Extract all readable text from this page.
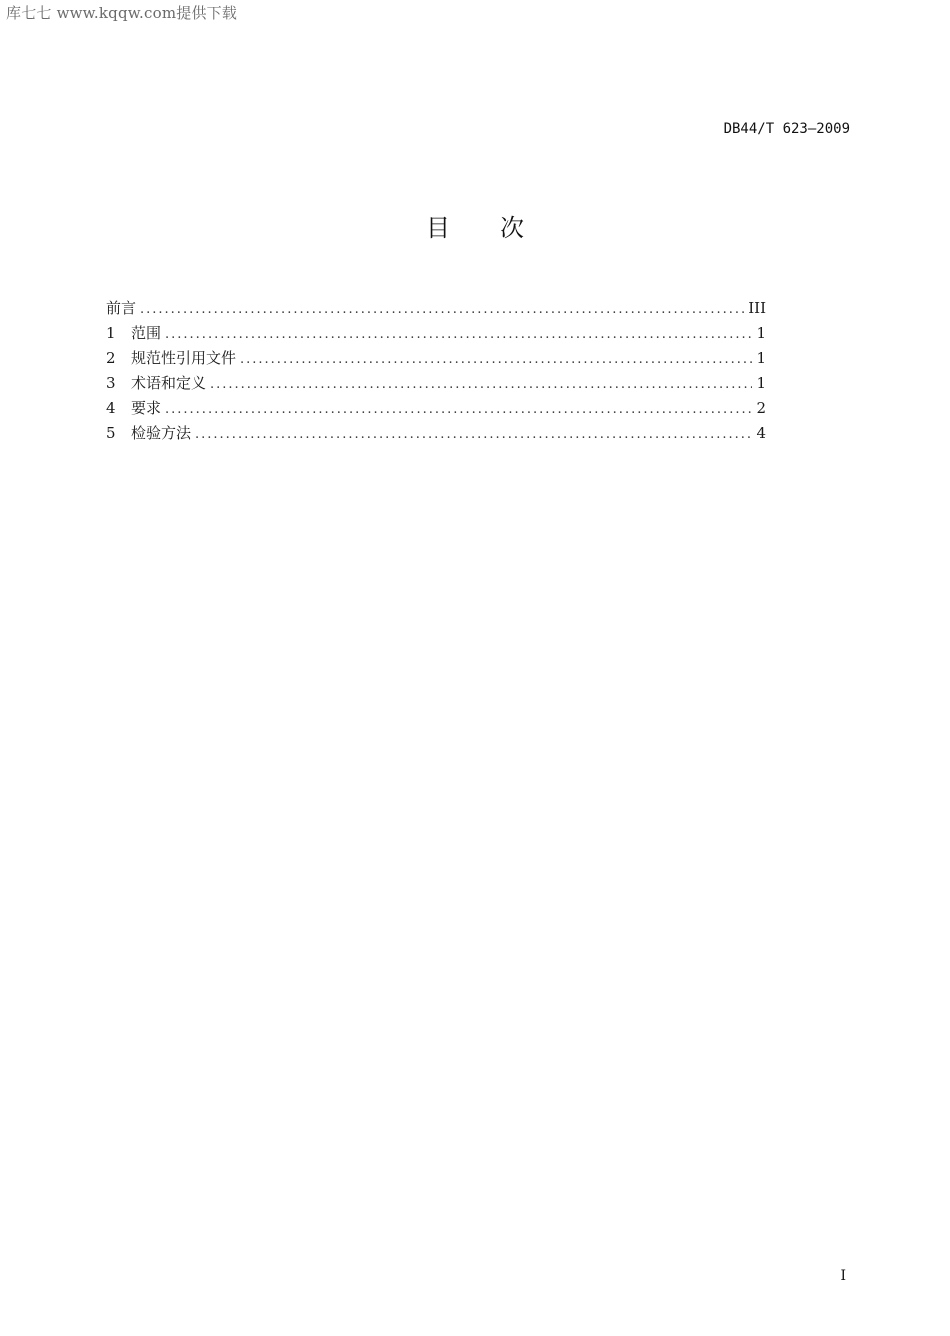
库七七 www.kqqw.com提供下载
DB44/T 623—2009
目次
前言 .....	III
1	范围 .....	1
2	规范性引用文件 .....	1
3	术语和定义 .....	1
4	要求 .....	2
5	检验方法 .....	4
I
